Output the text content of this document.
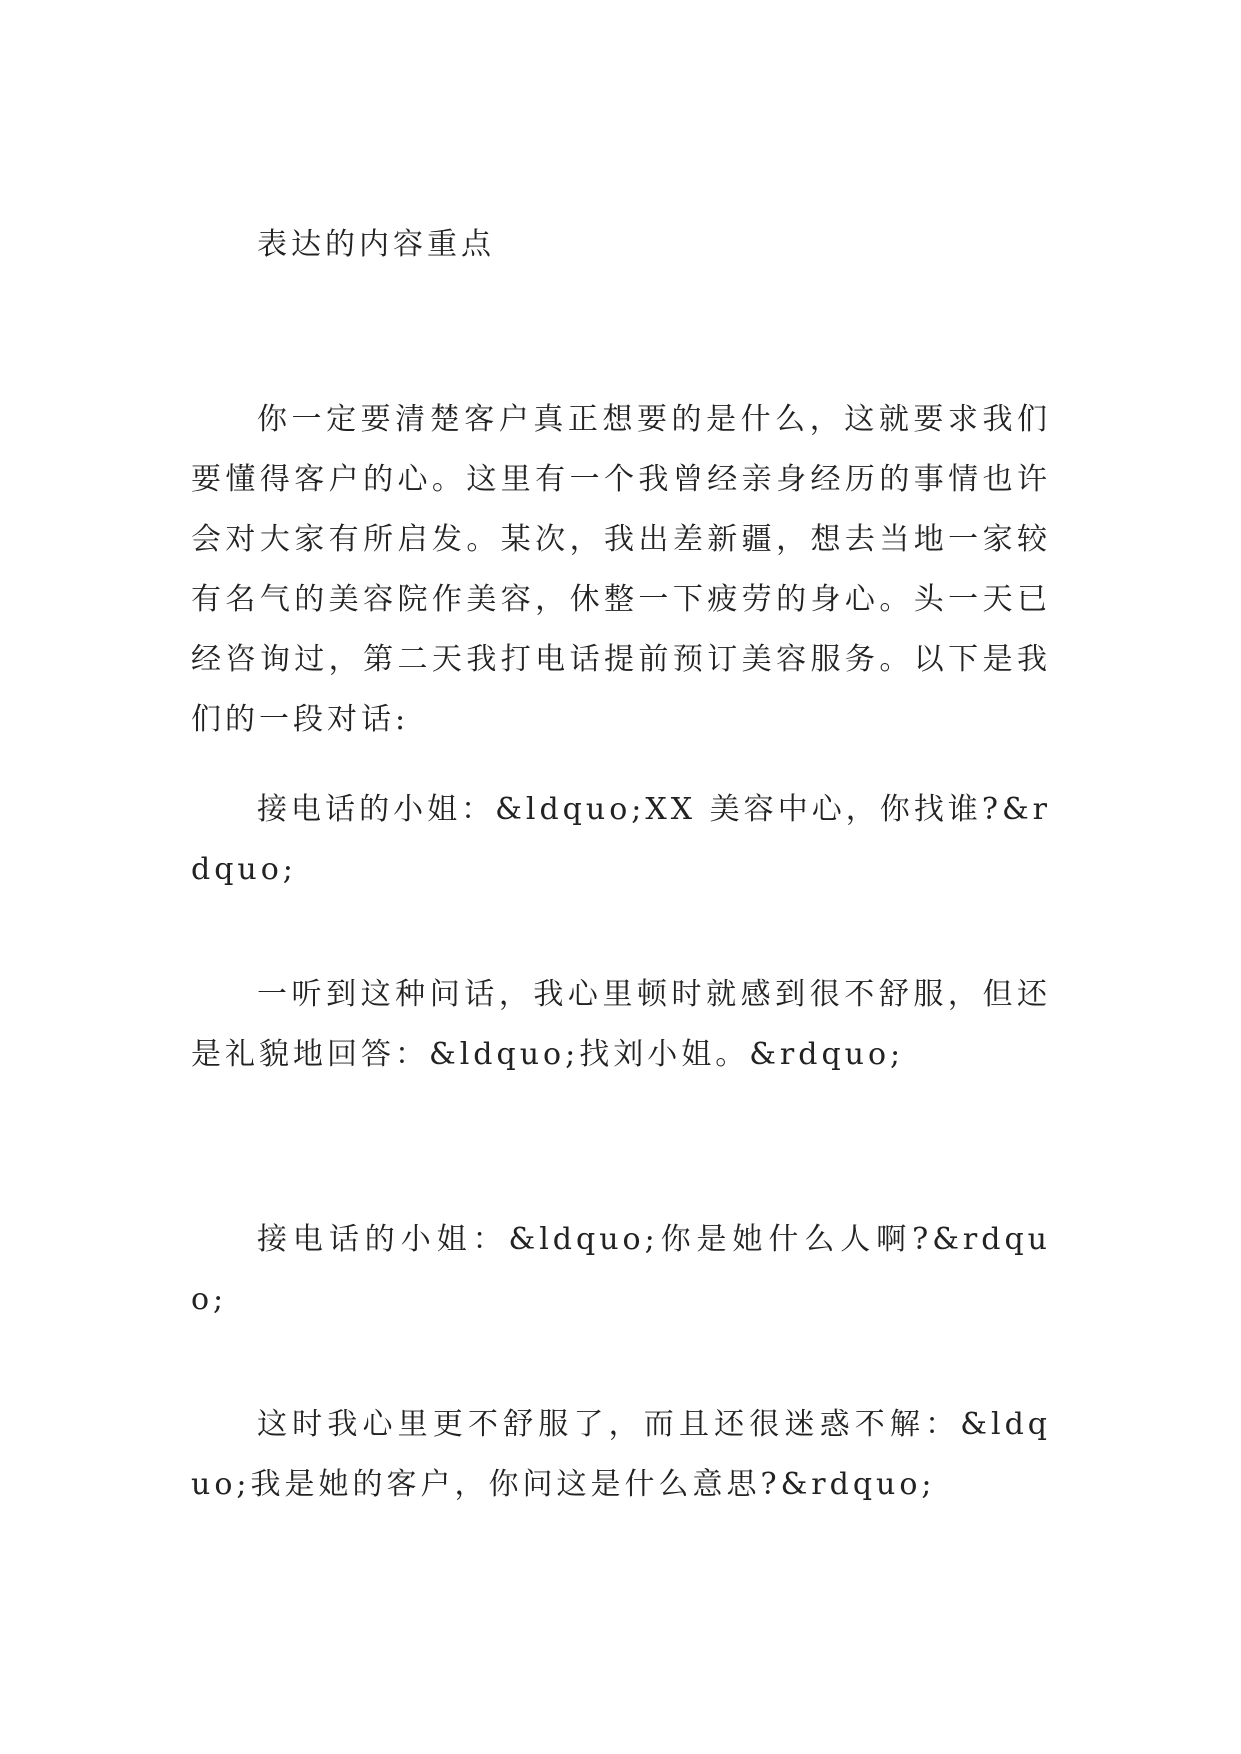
表达的内容重点

你一定要清楚客户真正想要的是什么，这就要求我们要懂得客户的心。这里有一个我曾经亲身经历的事情也许会对大家有所启发。某次，我出差新疆，想去当地一家较有名气的美容院作美容，休整一下疲劳的身心。头一天已经咨询过，第二天我打电话提前预订美容服务。以下是我们的一段对话:

接电话的小姐：&ldquo;XX 美容中心，你找谁?&rdquo;

一听到这种问话，我心里顿时就感到很不舒服，但还是礼貌地回答：&ldquo;找刘小姐。&rdquo;

接电话的小姐：&ldquo;你是她什么人啊?&rdquo;

这时我心里更不舒服了，而且还很迷惑不解：&ldquo;我是她的客户，你问这是什么意思?&rdquo;
